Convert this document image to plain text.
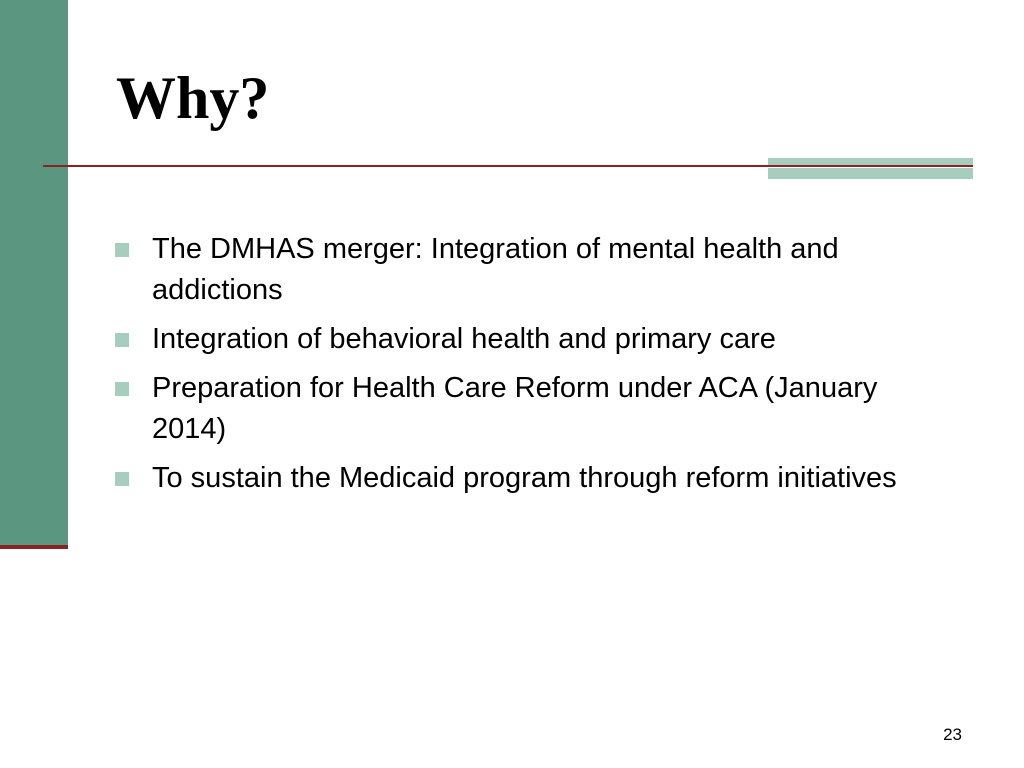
Why?
The DMHAS merger: Integration of mental health and addictions
Integration of behavioral health and primary care
Preparation for Health Care Reform under ACA (January 2014)
To sustain the Medicaid program through reform initiatives
23
